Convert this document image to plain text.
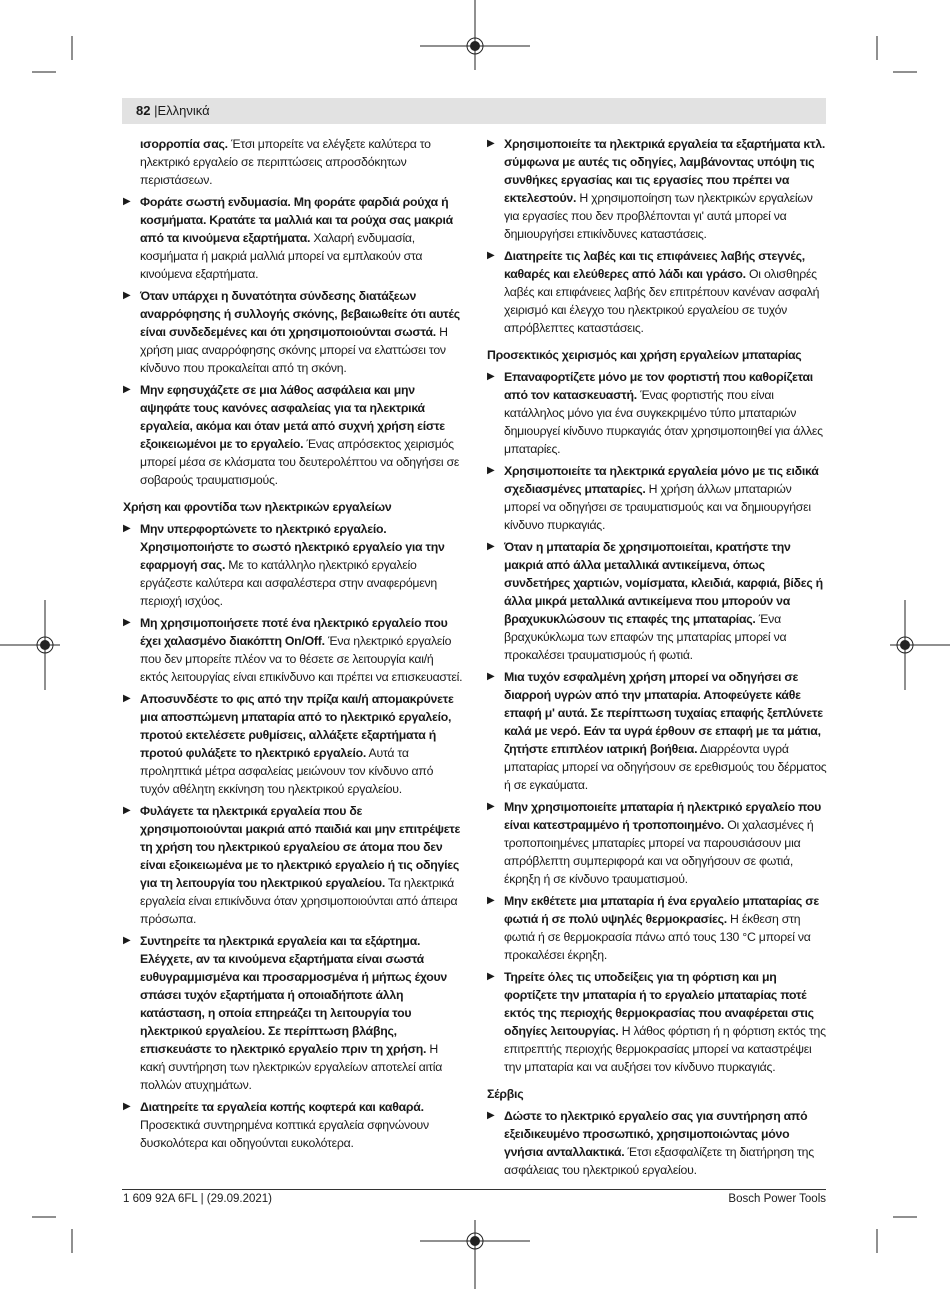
82 |Ελληνικά

ισορροπία σας. Έτσι μπορείτε να ελέγξετε καλύτερα το ηλεκτρικό εργαλείο σε περιπτώσεις απροσδόκητων περιστάσεων.

▶ Φοράτε σωστή ενδυμασία. Μη φοράτε φαρδιά ρούχα ή κοσμήματα. Κρατάτε τα μαλλιά και τα ρούχα σας μακριά από τα κινούμενα εξαρτήματα. Χαλαρή ενδυμασία, κοσμήματα ή μακριά μαλλιά μπορεί να εμπλακούν στα κινούμενα εξαρτήματα.
▶ Όταν υπάρχει η δυνατότητα σύνδεσης διατάξεων αναρρόφησης ή συλλογής σκόνης, βεβαιωθείτε ότι αυτές είναι συνδεδεμένες και ότι χρησιμοποιούνται σωστά. Η χρήση μιας αναρρόφησης σκόνης μπορεί να ελαττώσει τον κίνδυνο που προκαλείται από τη σκόνη.
▶ Μην εφησυχάζετε σε μια λάθος ασφάλεια και μην αψηφάτε τους κανόνες ασφαλείας για τα ηλεκτρικά εργαλεία, ακόμα και όταν μετά από συχνή χρήση είστε εξοικειωμένοι με το εργαλείο. Ένας απρόσεκτος χειρισμός μπορεί μέσα σε κλάσματα του δευτερολέπτου να οδηγήσει σε σοβαρούς τραυματισμούς.
Χρήση και φροντίδα των ηλεκτρικών εργαλείων
▶ Μην υπερφορτώνετε το ηλεκτρικό εργαλείο. Χρησιμοποιήστε το σωστό ηλεκτρικό εργαλείο για την εφαρμογή σας. Με το κατάλληλο ηλεκτρικό εργαλείο εργάζεστε καλύτερα και ασφαλέστερα στην αναφερόμενη περιοχή ισχύος.
▶ Μη χρησιμοποιήσετε ποτέ ένα ηλεκτρικό εργαλείο που έχει χαλασμένο διακόπτη On/Off. Ένα ηλεκτρικό εργαλείο που δεν μπορείτε πλέον να το θέσετε σε λειτουργία και/ή εκτός λειτουργίας είναι επικίνδυνο και πρέπει να επισκευαστεί.
▶ Αποσυνδέστε το φις από την πρίζα και/ή απομακρύνετε μια αποσπώμενη μπαταρία από το ηλεκτρικό εργαλείο, προτού εκτελέσετε ρυθμίσεις, αλλάξετε εξαρτήματα ή προτού φυλάξετε το ηλεκτρικό εργαλείο. Αυτά τα προληπτικά μέτρα ασφαλείας μειώνουν τον κίνδυνο από τυχόν αθέλητη εκκίνηση του ηλεκτρικού εργαλείου.
▶ Φυλάγετε τα ηλεκτρικά εργαλεία που δε χρησιμοποιούνται μακριά από παιδιά και μην επιτρέψετε τη χρήση του ηλεκτρικού εργαλείου σε άτομα που δεν είναι εξοικειωμένα με το ηλεκτρικό εργαλείο ή τις οδηγίες για τη λειτουργία του ηλεκτρικού εργαλείου. Τα ηλεκτρικά εργαλεία είναι επικίνδυνα όταν χρησιμοποιούνται από άπειρα πρόσωπα.
▶ Συντηρείτε τα ηλεκτρικά εργαλεία και τα εξάρτημα. Ελέγχετε, αν τα κινούμενα εξαρτήματα είναι σωστά ευθυγραμμισμένα και προσαρμοσμένα ή μήπως έχουν σπάσει τυχόν εξαρτήματα ή οποιαδήποτε άλλη κατάσταση, η οποία επηρεάζει τη λειτουργία του ηλεκτρικού εργαλείου. Σε περίπτωση βλάβης, επισκευάστε το ηλεκτρικό εργαλείο πριν τη χρήση. Η κακή συντήρηση των ηλεκτρικών εργαλείων αποτελεί αιτία πολλών ατυχημάτων.
▶ Διατηρείτε τα εργαλεία κοπής κοφτερά και καθαρά. Προσεκτικά συντηρημένα κοπτικά εργαλεία σφηνώνουν δυσκολότερα και οδηγούνται ευκολότερα.
▶ Χρησιμοποιείτε τα ηλεκτρικά εργαλεία τα εξαρτήματα κτλ. σύμφωνα με αυτές τις οδηγίες, λαμβάνοντας υπόψη τις συνθήκες εργασίας και τις εργασίες που πρέπει να εκτελεστούν. Η χρησιμοποίηση των ηλεκτρικών εργαλείων για εργασίες που δεν προβλέπονται γι' αυτά μπορεί να δημιουργήσει επικίνδυνες καταστάσεις.
▶ Διατηρείτε τις λαβές και τις επιφάνειες λαβής στεγνές, καθαρές και ελεύθερες από λάδι και γράσο. Οι ολισθηρές λαβές και επιφάνειες λαβής δεν επιτρέπουν κανέναν ασφαλή χειρισμό και έλεγχο του ηλεκτρικού εργαλείου σε τυχόν απρόβλεπτες καταστάσεις.
Προσεκτικός χειρισμός και χρήση εργαλείων μπαταρίας
▶ Επαναφορτίζετε μόνο με τον φορτιστή που καθορίζεται από τον κατασκευαστή. Ένας φορτιστής που είναι κατάλληλος μόνο για ένα συγκεκριμένο τύπο μπαταριών δημιουργεί κίνδυνο πυρκαγιάς όταν χρησιμοποιηθεί για άλλες μπαταρίες.
▶ Χρησιμοποιείτε τα ηλεκτρικά εργαλεία μόνο με τις ειδικά σχεδιασμένες μπαταρίες. Η χρήση άλλων μπαταριών μπορεί να οδηγήσει σε τραυματισμούς και να δημιουργήσει κίνδυνο πυρκαγιάς.
▶ Όταν η μπαταρία δε χρησιμοποιείται, κρατήστε την μακριά από άλλα μεταλλικά αντικείμενα, όπως συνδετήρες χαρτιών, νομίσματα, κλειδιά, καρφιά, βίδες ή άλλα μικρά μεταλλικά αντικείμενα που μπορούν να βραχυκυκλώσουν τις επαφές της μπαταρίας. Ένα βραχυκύκλωμα των επαφών της μπαταρίας μπορεί να προκαλέσει τραυματισμούς ή φωτιά.
▶ Μια τυχόν εσφαλμένη χρήση μπορεί να οδηγήσει σε διαρροή υγρών από την μπαταρία. Αποφεύγετε κάθε επαφή μ' αυτά. Σε περίπτωση τυχαίας επαφής ξεπλύνετε καλά με νερό. Εάν τα υγρά έρθουν σε επαφή με τα μάτια, ζητήστε επιπλέον ιατρική βοήθεια. Διαρρέοντα υγρά μπαταρίας μπορεί να οδηγήσουν σε ερεθισμούς του δέρματος ή σε εγκαύματα.
▶ Μην χρησιμοποιείτε μπαταρία ή ηλεκτρικό εργαλείο που είναι κατεστραμμένο ή τροποποιημένο. Οι χαλασμένες ή τροποποιημένες μπαταρίες μπορεί να παρουσιάσουν μια απρόβλεπτη συμπεριφορά και να οδηγήσουν σε φωτιά, έκρηξη ή σε κίνδυνο τραυματισμού.
▶ Μην εκθέτετε μια μπαταρία ή ένα εργαλείο μπαταρίας σε φωτιά ή σε πολύ υψηλές θερμοκρασίες. Η έκθεση στη φωτιά ή σε θερμοκρασία πάνω από τους 130 °C μπορεί να προκαλέσει έκρηξη.
▶ Τηρείτε όλες τις υποδείξεις για τη φόρτιση και μη φορτίζετε την μπαταρία ή το εργαλείο μπαταρίας ποτέ εκτός της περιοχής θερμοκρασίας που αναφέρεται στις οδηγίες λειτουργίας. Η λάθος φόρτιση ή η φόρτιση εκτός της επιτρεπτής περιοχής θερμοκρασίας μπορεί να καταστρέψει την μπαταρία και να αυξήσει τον κίνδυνο πυρκαγιάς.
Σέρβις
▶ Δώστε το ηλεκτρικό εργαλείο σας για συντήρηση από εξειδικευμένο προσωπικό, χρησιμοποιώντας μόνο γνήσια ανταλλακτικά. Έτσι εξασφαλίζετε τη διατήρηση της ασφάλειας του ηλεκτρικού εργαλείου.
1 609 92A 6FL | (29.09.2021)	Bosch Power Tools
